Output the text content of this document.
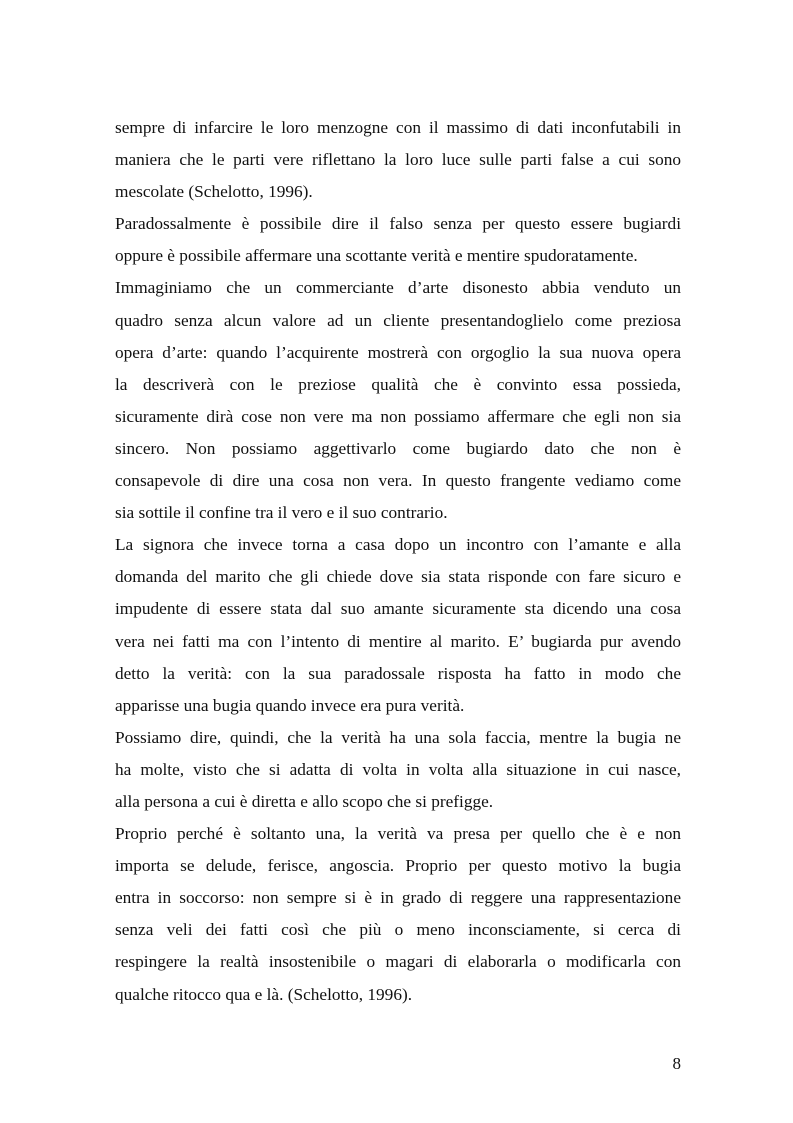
sempre di infarcire le loro menzogne con il massimo di dati inconfutabili in
maniera che le parti vere riflettano la loro luce sulle parti false a cui sono
mescolate (Schelotto, 1996).
Paradossalmente è possibile dire il falso senza per questo essere bugiardi
oppure è possibile affermare una scottante verità e mentire spudoratamente.
Immaginiamo che un commerciante d’arte disonesto abbia venduto un
quadro senza alcun valore ad un cliente presentandoglielo come preziosa
opera d’arte: quando l’acquirente mostrerà con orgoglio la sua nuova opera
la descriverà con le preziose qualità che è convinto essa possieda,
sicuramente dirà cose non vere ma non possiamo affermare che egli non sia
sincero. Non possiamo aggettivarlo come bugiardo dato che non è
consapevole di dire una cosa non vera. In questo frangente vediamo come
sia sottile il confine tra il vero e il suo contrario.
La signora che invece torna a casa dopo un incontro con l’amante e alla
domanda del marito che gli chiede dove sia stata risponde con fare sicuro e
impudente di essere stata dal suo amante sicuramente sta dicendo una cosa
vera nei fatti ma con l’intento di mentire al marito. E’ bugiarda pur avendo
detto la verità: con la sua paradossale risposta ha fatto in modo che
apparisse una bugia quando invece era pura verità.
Possiamo dire, quindi, che la verità ha una sola faccia, mentre la bugia ne
ha molte, visto che si adatta di volta in volta alla situazione in cui nasce,
alla persona a cui è diretta e allo scopo che si prefigge.
Proprio perché è soltanto una, la verità va presa per quello che è e non
importa se delude, ferisce, angoscia. Proprio per questo motivo la bugia
entra in soccorso: non sempre si è in grado di reggere una rappresentazione
senza veli dei fatti così che più o meno inconsciamente, si cerca di
respingere la realtà insostenibile o magari di elaborarla o modificarla con
qualche ritocco qua e là. (Schelotto, 1996).
8
